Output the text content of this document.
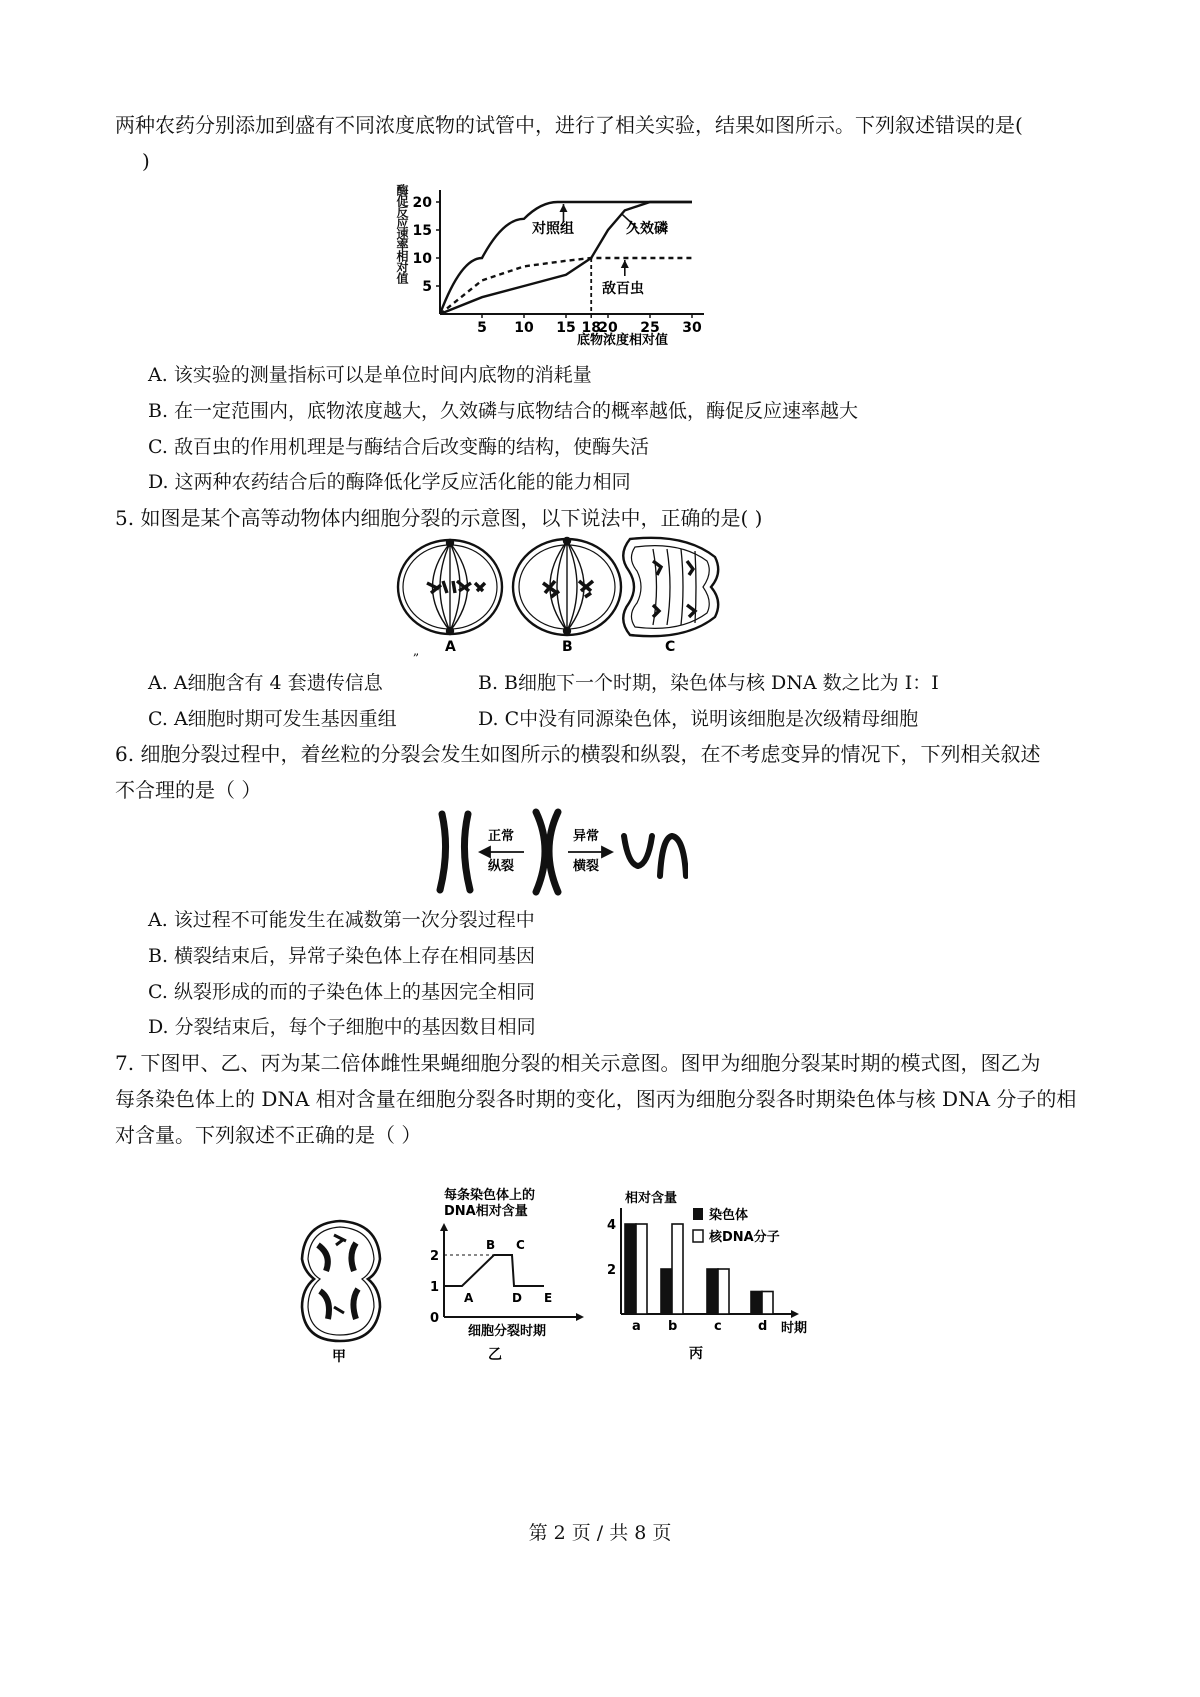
两种农药分别添加到盛有不同浓度底物的试管中，进行了相关实验，结果如图所示。下列叙述错误的是(
)
酶促反应速率相对值
5
10
15
20
5 10 15 18
20 25 30
对照组	久效磷
敌百虫
底物浓度相对值
A. 该实验的测量指标可以是单位时间内底物的消耗量
B. 在一定范围内，底物浓度越大，久效磷与底物结合的概率越低，酶促反应速率越大
C. 敌百虫的作用机理是与酶结合后改变酶的结构，使酶失活
D. 这两种农药结合后的酶降低化学反应活化能的能力相同
5. 如图是某个高等动物体内细胞分裂的示意图，以下说法中，正确的是( )
A
„	B	C
A. A细胞含有 4 套遗传信息	B. B细胞下一个时期，染色体与核 DNA 数之比为 I：I
C. A细胞时期可发生基因重组	D. C中没有同源染色体，说明该细胞是次级精母细胞
6. 细胞分裂过程中，着丝粒的分裂会发生如图所示的横裂和纵裂，在不考虑变异的情况下，下列相关叙述
不合理的是（ ）
正常
纵裂
异常
横裂
A. 该过程不可能发生在减数第一次分裂过程中
B. 横裂结束后，异常子染色体上存在相同基因
C. 纵裂形成的而的子染色体上的基因完全相同
D. 分裂结束后，每个子细胞中的基因数目相同
7. 下图甲、乙、丙为某二倍体雌性果蝇细胞分裂的相关示意图。图甲为细胞分裂某时期的模式图，图乙为
每条染色体上的 DNA 相对含量在细胞分裂各时期的变化，图丙为细胞分裂各时期染色体与核 DNA 分子的相
对含量。下列叙述不正确的是（ ）
甲
每条染色体上的
DNA相对含量
0
1
2
A
B C
D E
细胞分裂时期
乙
相对含量
2
4
a b	c	d
染色体
核DNA分子
时期
丙
第 2 页 / 共 8 页
